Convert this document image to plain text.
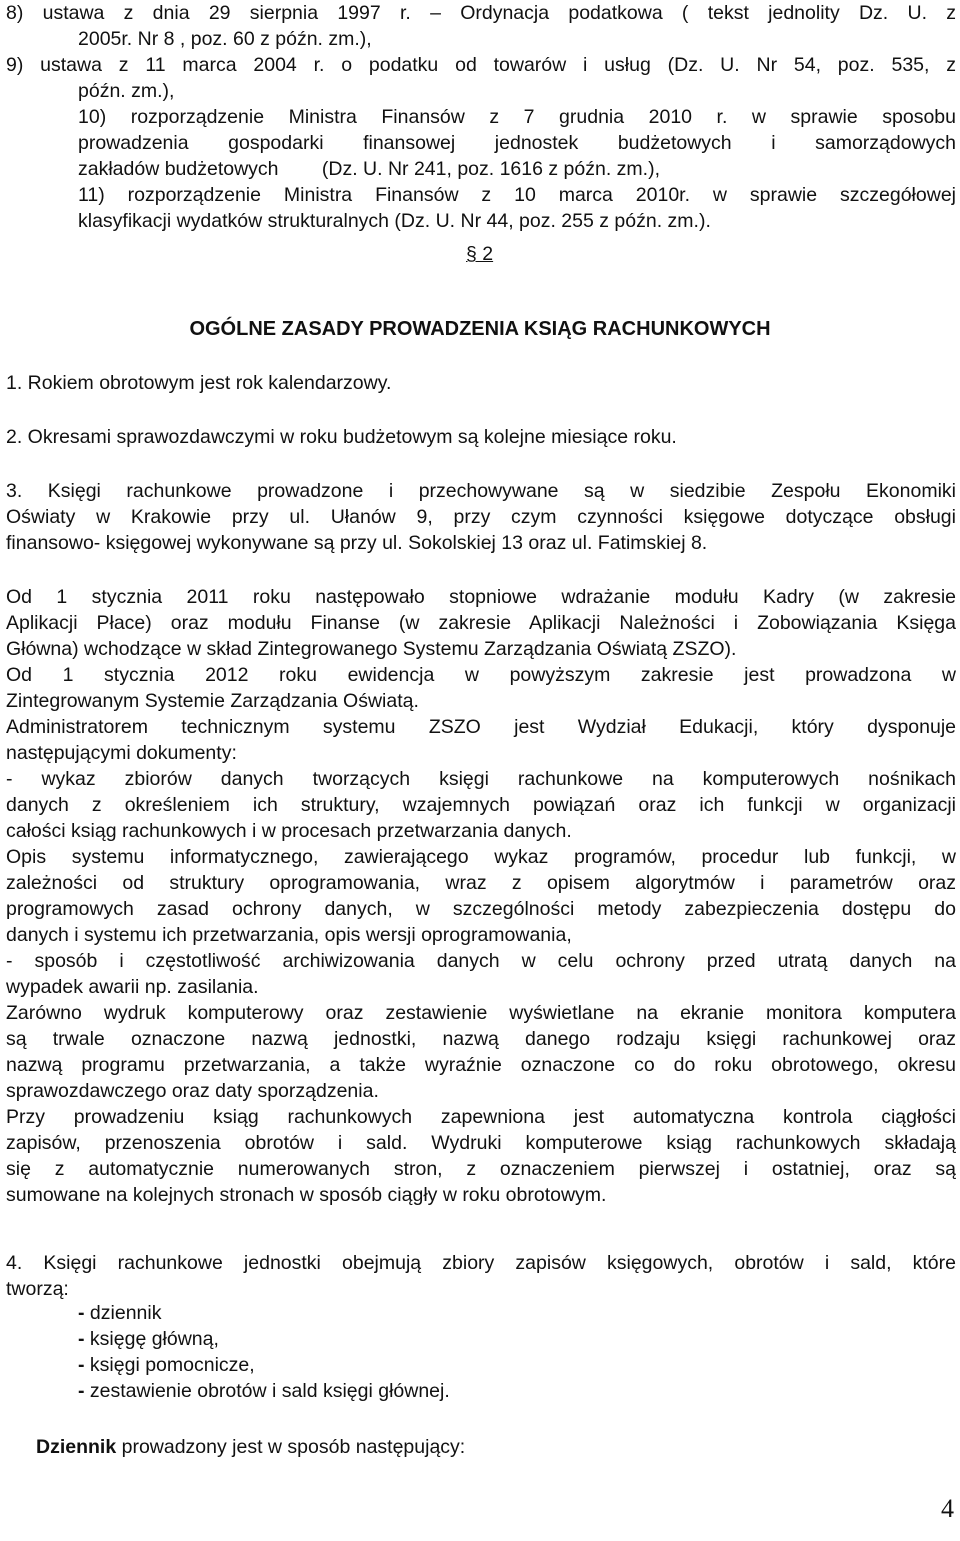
8) ustawa z dnia 29 sierpnia 1997 r. – Ordynacja podatkowa ( tekst jednolity Dz. U. z
2005r. Nr 8 , poz. 60 z późn. zm.),
9) ustawa z 11 marca 2004 r. o podatku od towarów i usług (Dz. U. Nr 54, poz. 535, z
późn. zm.),
10) rozporządzenie Ministra Finansów z 7 grudnia 2010 r. w sprawie sposobu
prowadzenia gospodarki finansowej jednostek budżetowych i samorządowych
zakładów budżetowych        (Dz. U. Nr 241, poz. 1616 z późn. zm.),
11) rozporządzenie Ministra Finansów z 10 marca 2010r. w sprawie szczegółowej
klasyfikacji wydatków strukturalnych (Dz. U. Nr 44, poz. 255 z późn. zm.).
§ 2
OGÓLNE ZASADY PROWADZENIA KSIĄG RACHUNKOWYCH
1. Rokiem obrotowym jest rok kalendarzowy.
2. Okresami sprawozdawczymi w roku budżetowym są kolejne miesiące roku.
3. Księgi rachunkowe prowadzone i przechowywane są w siedzibie Zespołu Ekonomiki
Oświaty w Krakowie przy ul. Ułanów 9, przy czym czynności księgowe dotyczące obsługi
finansowo- księgowej wykonywane są przy ul. Sokolskiej 13 oraz ul. Fatimskiej 8.
Od 1 stycznia 2011 roku następowało stopniowe wdrażanie modułu Kadry (w zakresie
Aplikacji Płace) oraz modułu Finanse (w zakresie Aplikacji Należności i Zobowiązania Księga
Główna) wchodzące w skład Zintegrowanego Systemu Zarządzania Oświatą ZSZO).
Od 1 stycznia 2012 roku ewidencja w powyższym zakresie jest prowadzona w
Zintegrowanym Systemie Zarządzania Oświatą.
Administratorem technicznym systemu ZSZO jest Wydział Edukacji, który dysponuje
następującymi dokumenty:
- wykaz zbiorów danych tworzących księgi rachunkowe na komputerowych nośnikach
danych z określeniem ich struktury, wzajemnych powiązań oraz ich funkcji w organizacji
całości ksiąg rachunkowych i w procesach przetwarzania danych.
Opis systemu informatycznego, zawierającego wykaz programów, procedur lub funkcji, w
zależności od struktury oprogramowania, wraz z opisem algorytmów i parametrów oraz
programowych zasad ochrony danych, w szczególności metody zabezpieczenia dostępu do
danych i systemu ich przetwarzania, opis wersji oprogramowania,
- sposób i częstotliwość archiwizowania danych w celu ochrony przed utratą danych na
wypadek awarii np. zasilania.
Zarówno wydruk komputerowy oraz zestawienie wyświetlane na ekranie monitora komputera
są trwale oznaczone nazwą jednostki, nazwą danego rodzaju księgi rachunkowej oraz
nazwą programu przetwarzania, a także wyraźnie oznaczone co do roku obrotowego, okresu
sprawozdawczego oraz daty sporządzenia.
Przy prowadzeniu ksiąg rachunkowych zapewniona jest automatyczna kontrola ciągłości
zapisów, przenoszenia obrotów i sald. Wydruki komputerowe ksiąg rachunkowych składają
się z automatycznie numerowanych stron, z oznaczeniem pierwszej i ostatniej, oraz są
sumowane na kolejnych stronach w sposób ciągły w roku obrotowym.
4. Księgi rachunkowe jednostki obejmują zbiory zapisów księgowych, obrotów i sald, które
tworzą:
- dziennik
- księgę główną,
- księgi pomocnicze,
- zestawienie obrotów i sald księgi głównej.
Dziennik prowadzony jest w sposób następujący:
4
